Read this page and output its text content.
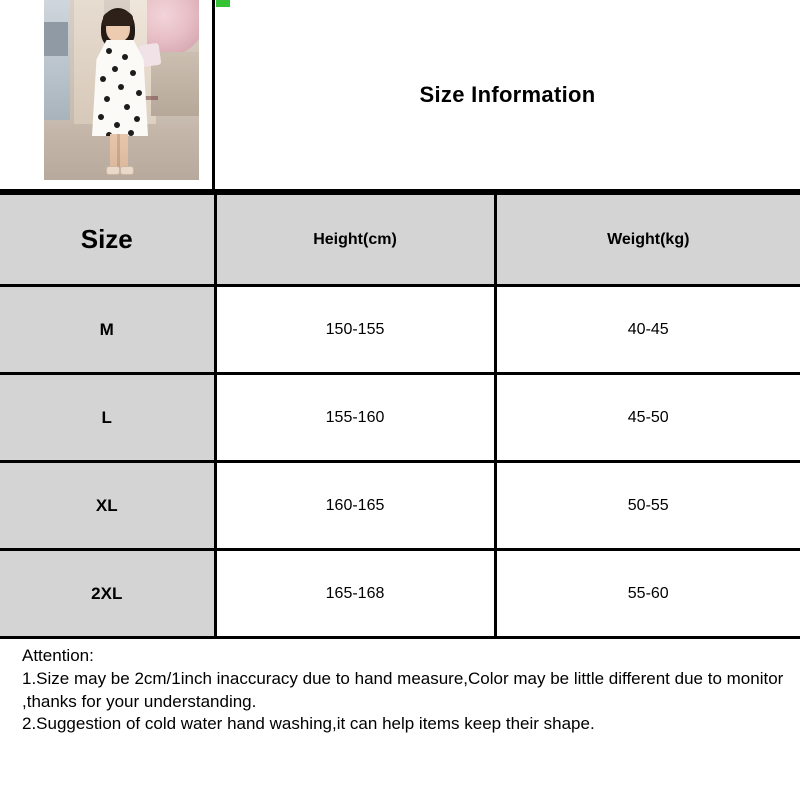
Size Information
Size	Height(cm)	Weight(kg)
M	150-155	40-45
L	155-160	45-50
XL	160-165	50-55
2XL	165-168	55-60
Attention:
1.Size may be 2cm/1inch inaccuracy due to hand measure,Color may be little different due to monitor ,thanks for your understanding.
2.Suggestion of cold water hand washing,it can help items keep their shape.
